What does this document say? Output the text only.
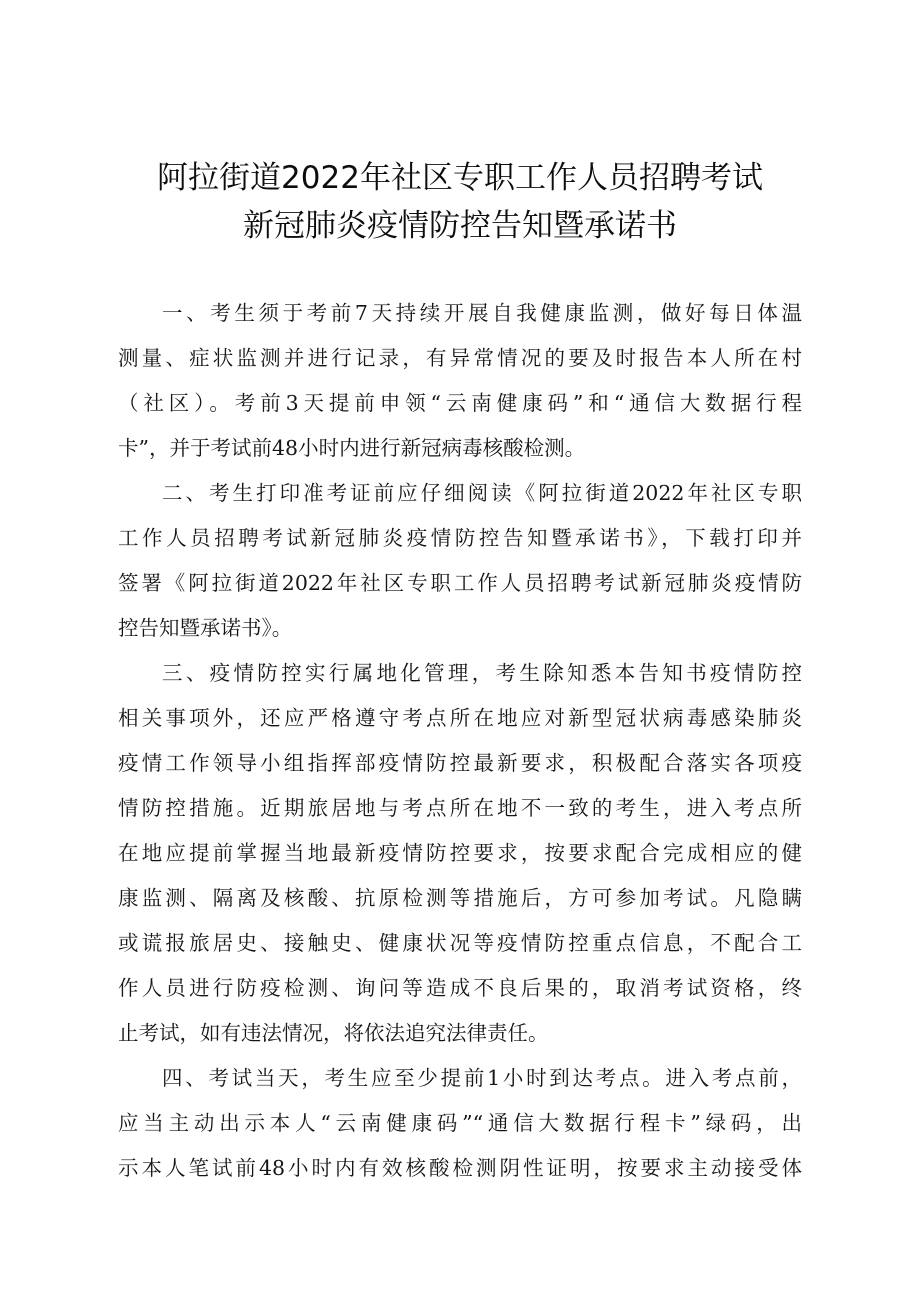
阿拉街道2022年社区专职工作人员招聘考试
新冠肺炎疫情防控告知暨承诺书
一、考生须于考前7天持续开展自我健康监测，做好每日体温
测量、症状监测并进行记录，有异常情况的要及时报告本人所在村
（社区）。考前3天提前申领“云南健康码”和“通信大数据行程
卡”，并于考试前48小时内进行新冠病毒核酸检测。
二、考生打印准考证前应仔细阅读《阿拉街道2022年社区专职
工作人员招聘考试新冠肺炎疫情防控告知暨承诺书》，下载打印并
签署《阿拉街道2022年社区专职工作人员招聘考试新冠肺炎疫情防
控告知暨承诺书》。
三、疫情防控实行属地化管理，考生除知悉本告知书疫情防控
相关事项外，还应严格遵守考点所在地应对新型冠状病毒感染肺炎
疫情工作领导小组指挥部疫情防控最新要求，积极配合落实各项疫
情防控措施。近期旅居地与考点所在地不一致的考生，进入考点所
在地应提前掌握当地最新疫情防控要求，按要求配合完成相应的健
康监测、隔离及核酸、抗原检测等措施后，方可参加考试。凡隐瞒
或谎报旅居史、接触史、健康状况等疫情防控重点信息，不配合工
作人员进行防疫检测、询问等造成不良后果的，取消考试资格，终
止考试，如有违法情况，将依法追究法律责任。
四、考试当天，考生应至少提前1小时到达考点。进入考点前，
应当主动出示本人“云南健康码”“通信大数据行程卡”绿码，出
示本人笔试前48小时内有效核酸检测阴性证明，按要求主动接受体
